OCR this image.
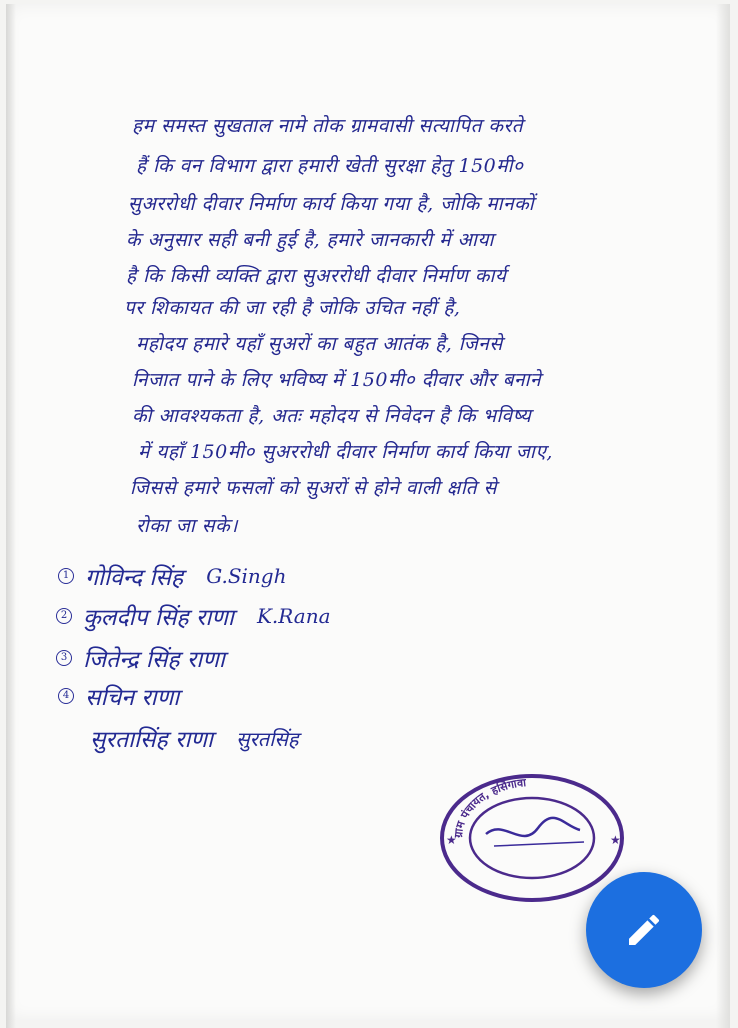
हम समस्त सुखताल नामे तोक ग्रामवासी सत्यापित करते
हैं कि वन विभाग द्वारा हमारी खेती सुरक्षा हेतु 150मी०
सुअररोधी दीवार निर्माण कार्य किया गया है, जोकि मानकों
के अनुसार सही बनी हुई है, हमारे जानकारी में आया
है कि किसी व्यक्ति द्वारा सुअररोधी दीवार निर्माण कार्य
पर शिकायत की जा रही है जोकि उचित नहीं है,
महोदय हमारे यहाँ सुअरों का बहुत आतंक है, जिनसे
निजात पाने के लिए भविष्य में 150मी० दीवार और बनाने
की आवश्यकता है, अतः महोदय से निवेदन है कि भविष्य
में यहाँ 150मी० सुअररोधी दीवार निर्माण कार्य किया जाए,
जिससे हमारे फसलों को सुअरों से होने वाली क्षति से
रोका जा सके।
1 गोविन्द सिंह G.Singh
2 कुलदीप सिंह राणा K.Rana
3 जितेन्द्र सिंह राणा
4 सचिन राणा
सुरतासिंह राणा सुरतसिंह
ग्राम पंचायत, हर्सिगावा
★	★
